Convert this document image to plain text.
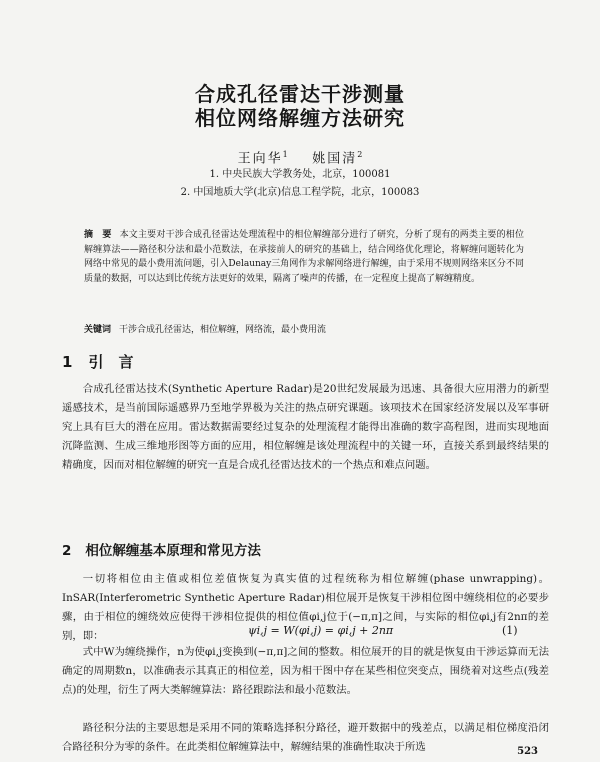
合成孔径雷达干涉测量
相位网络解缠方法研究
王向华$^1$ 姚国清$^2$
1. 中央民族大学教务处，北京，100081
2. 中国地质大学(北京)信息工程学院，北京，100083
摘　要 本文主要对干涉合成孔径雷达处理流程中的相位解缠部分进行了研究，分析了现有的两类主要的相位解缠算法——路径积分法和最小范数法，在承接前人的研究的基础上，结合网络优化理论，将解缠问题转化为网络中常见的最小费用流问题，引入Delaunay三角网作为求解网络进行解缠，由于采用不规则网络来区分不同质量的数据，可以达到比传统方法更好的效果，隔离了噪声的传播，在一定程度上提高了解缠精度。
关键词 干涉合成孔径雷达，相位解缠，网络流，最小费用流
1 引　言
合成孔径雷达技术(Synthetic Aperture Radar)是20世纪发展最为迅速、具备很大应用潜力的新型遥感技术，是当前国际遥感界乃至地学界极为关注的热点研究课题。该项技术在国家经济发展以及军事研究上具有巨大的潜在应用。雷达数据需要经过复杂的处理流程才能得出准确的数字高程图，进而实现地面沉降监测、生成三维地形图等方面的应用，相位解缠是该处理流程中的关键一环，直接关系到最终结果的精确度，因而对相位解缠的研究一直是合成孔径雷达技术的一个热点和难点问题。
2 相位解缠基本原理和常见方法
一切将相位由主值或相位差值恢复为真实值的过程统称为相位解缠(phase unwrapping)。InSAR(Interferometric Synthetic Aperture Radar)相位展开是恢复干涉相位图中缠绕相位的必要步骤，由于相位的缠绕效应使得干涉相位提供的相位值φi,j位于(−π,π]之间，与实际的相位φi,j有2nπ的差别，即：	ψi,j = W(φi,j) = φi,j + 2nπ	(1)
式中W为缠绕操作，n为使φi,j变换到(−π,π]之间的整数。相位展开的目的就是恢复由干涉运算而无法确定的周期数n，以准确表示其真正的相位差，因为相干图中存在某些相位突变点，围绕着对这些点(残差点)的处理，衍生了两大类解缠算法：路径跟踪法和最小范数法。
路径积分法的主要思想是采用不同的策略选择积分路径，避开数据中的残差点，以满足相位梯度沿闭合路径积分为零的条件。在此类相位解缠算法中，解缠结果的准确性取决于所选	523
